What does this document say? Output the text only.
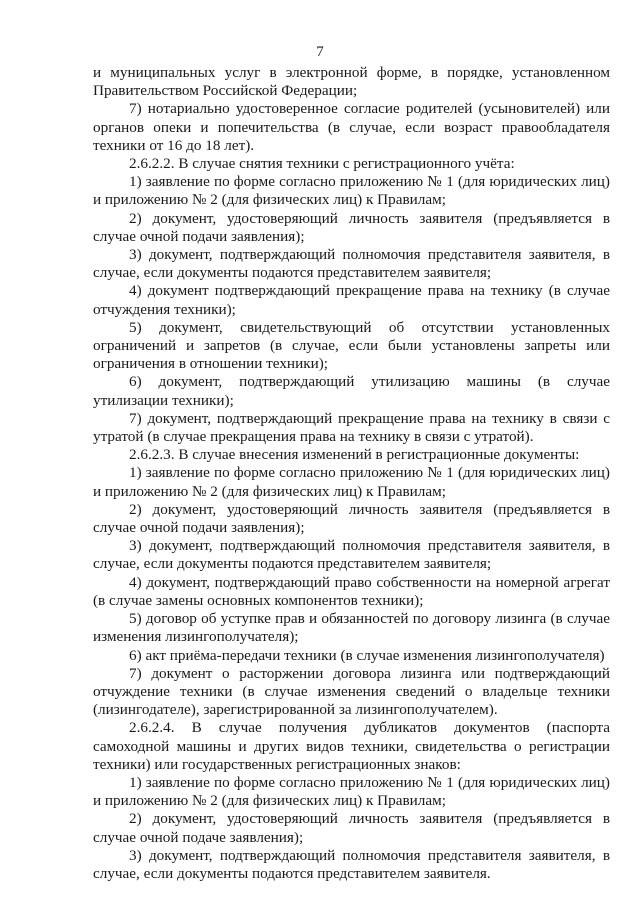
7

и муниципальных услуг в электронной форме, в порядке, установленном Правительством Российской Федерации;

7) нотариально удостоверенное согласие родителей (усыновителей) или органов опеки и попечительства (в случае, если возраст правообладателя техники от 16 до 18 лет).

2.6.2.2. В случае снятия техники с регистрационного учёта:

1) заявление по форме согласно приложению № 1 (для юридических лиц) и приложению № 2 (для физических лиц) к Правилам;

2) документ, удостоверяющий личность заявителя (предъявляется в случае очной подачи заявления);

3) документ, подтверждающий полномочия представителя заявителя, в случае, если документы подаются представителем заявителя;

4) документ подтверждающий прекращение права на технику (в случае отчуждения техники);

5) документ, свидетельствующий об отсутствии установленных ограничений и запретов (в случае, если были установлены запреты или ограничения в отношении техники);

6) документ, подтверждающий утилизацию машины (в случае утилизации техники);

7) документ, подтверждающий прекращение права на технику в связи с утратой (в случае прекращения права на технику в связи с утратой).

2.6.2.3. В случае внесения изменений в регистрационные документы:

1) заявление по форме согласно приложению № 1 (для юридических лиц) и приложению № 2 (для физических лиц) к Правилам;

2) документ, удостоверяющий личность заявителя (предъявляется в случае очной подачи заявления);

3) документ, подтверждающий полномочия представителя заявителя, в случае, если документы подаются представителем заявителя;

4) документ, подтверждающий право собственности на номерной агрегат (в случае замены основных компонентов техники);

5) договор об уступке прав и обязанностей по договору лизинга (в случае изменения лизингополучателя);

6) акт приёма-передачи техники (в случае изменения лизингополучателя)

7) документ о расторжении договора лизинга или подтверждающий отчуждение техники (в случае изменения сведений о владельце техники (лизингодателе), зарегистрированной за лизингополучателем).

2.6.2.4. В случае получения дубликатов документов (паспорта самоходной машины и других видов техники, свидетельства о регистрации техники) или государственных регистрационных знаков:

1) заявление по форме согласно приложению № 1 (для юридических лиц) и приложению № 2 (для физических лиц) к Правилам;

2) документ, удостоверяющий личность заявителя (предъявляется в случае очной подаче заявления);

3) документ, подтверждающий полномочия представителя заявителя, в случае, если документы подаются представителем заявителя.
